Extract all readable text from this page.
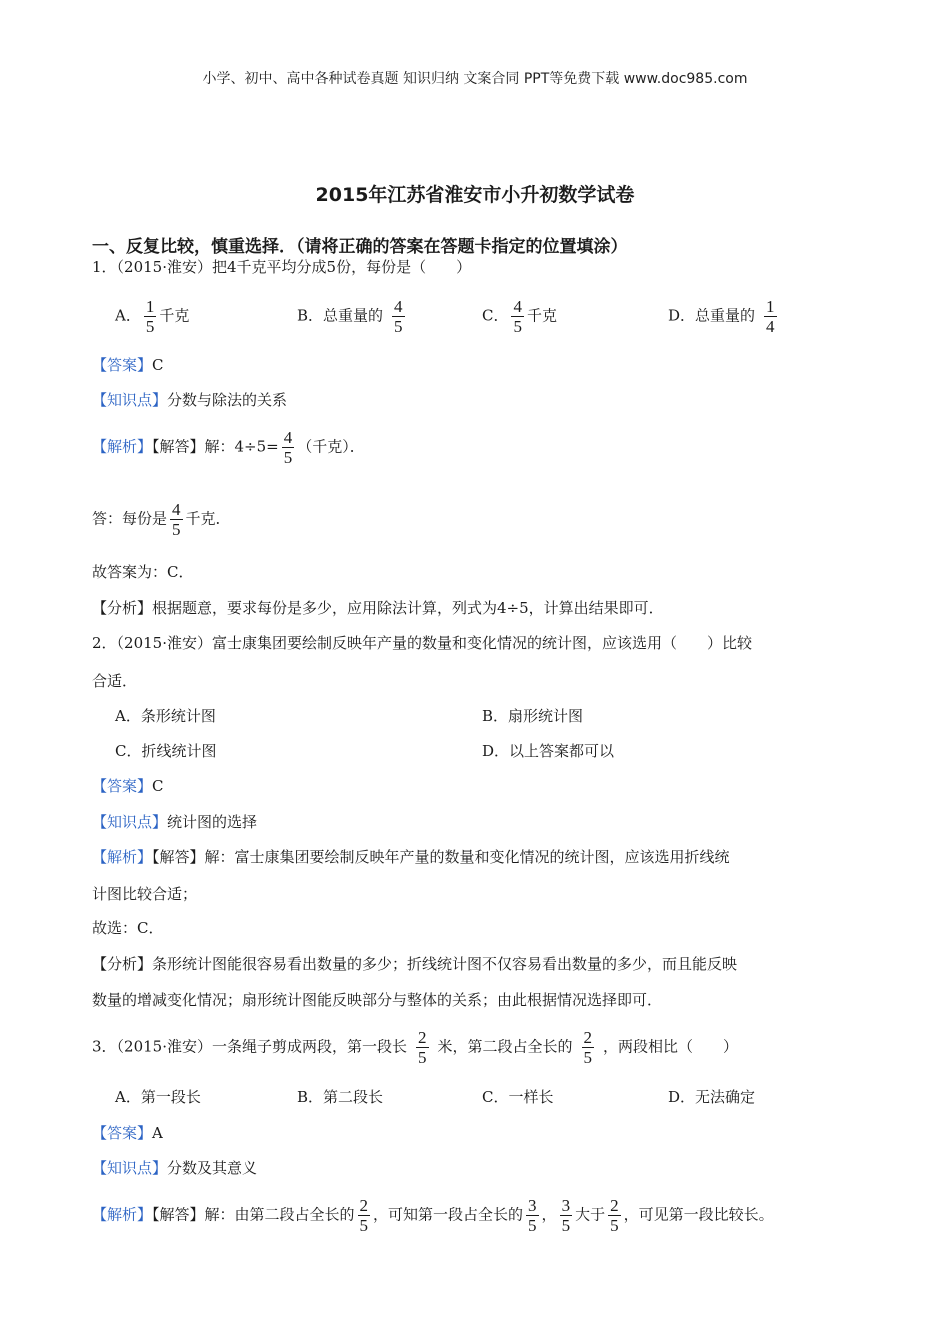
小学、初中、高中各种试卷真题 知识归纳 文案合同 PPT等免费下载 www.doc985.com
2015年江苏省淮安市小升初数学试卷
一、反复比较，慎重选择．（请将正确的答案在答题卡指定的位置填涂）
1．（2015·淮安）把4千克平均分成5份，每份是（　　）
A． $\frac{1}{5}$ 千克	B．总重量的 $\frac{4}{5}$	C． $\frac{4}{5}$ 千克	D．总重量的 $\frac{1}{4}$
【答案】C
【知识点】分数与除法的关系
【解析】【解答】解：$4\div 5= \frac{4}{5}$ （千克）．
答：每份是 $\frac{4}{5}$ 千克．
故答案为：C．
【分析】根据题意，要求每份是多少，应用除法计算，列式为4÷5，计算出结果即可．
2．（2015·淮安）富士康集团要绘制反映年产量的数量和变化情况的统计图，应该选用（　　）比较
合适．
A．条形统计图	B．扇形统计图
C．折线统计图	D．以上答案都可以
【答案】C
【知识点】统计图的选择
【解析】【解答】解：富士康集团要绘制反映年产量的数量和变化情况的统计图，应该选用折线统
计图比较合适；
故选：C．
【分析】条形统计图能很容易看出数量的多少；折线统计图不仅容易看出数量的多少，而且能反映
数量的增减变化情况；扇形统计图能反映部分与整体的关系；由此根据情况选择即可．
3．（2015·淮安）一条绳子剪成两段，第一段长 $\frac{2}{5}$ 米，第二段占全长的 $\frac{2}{5}$ ，两段相比（　　）
A．第一段长	B．第二段长	C．一样长	D．无法确定
【答案】A
【知识点】分数及其意义
【解析】【解答】解：由第二段占全长的 $\frac{2}{5}$ ，可知第一段占全长的 $\frac{3}{5}$ ， $\frac{3}{5}$ 大于 $\frac{2}{5}$ ，可见第一段比较长。
